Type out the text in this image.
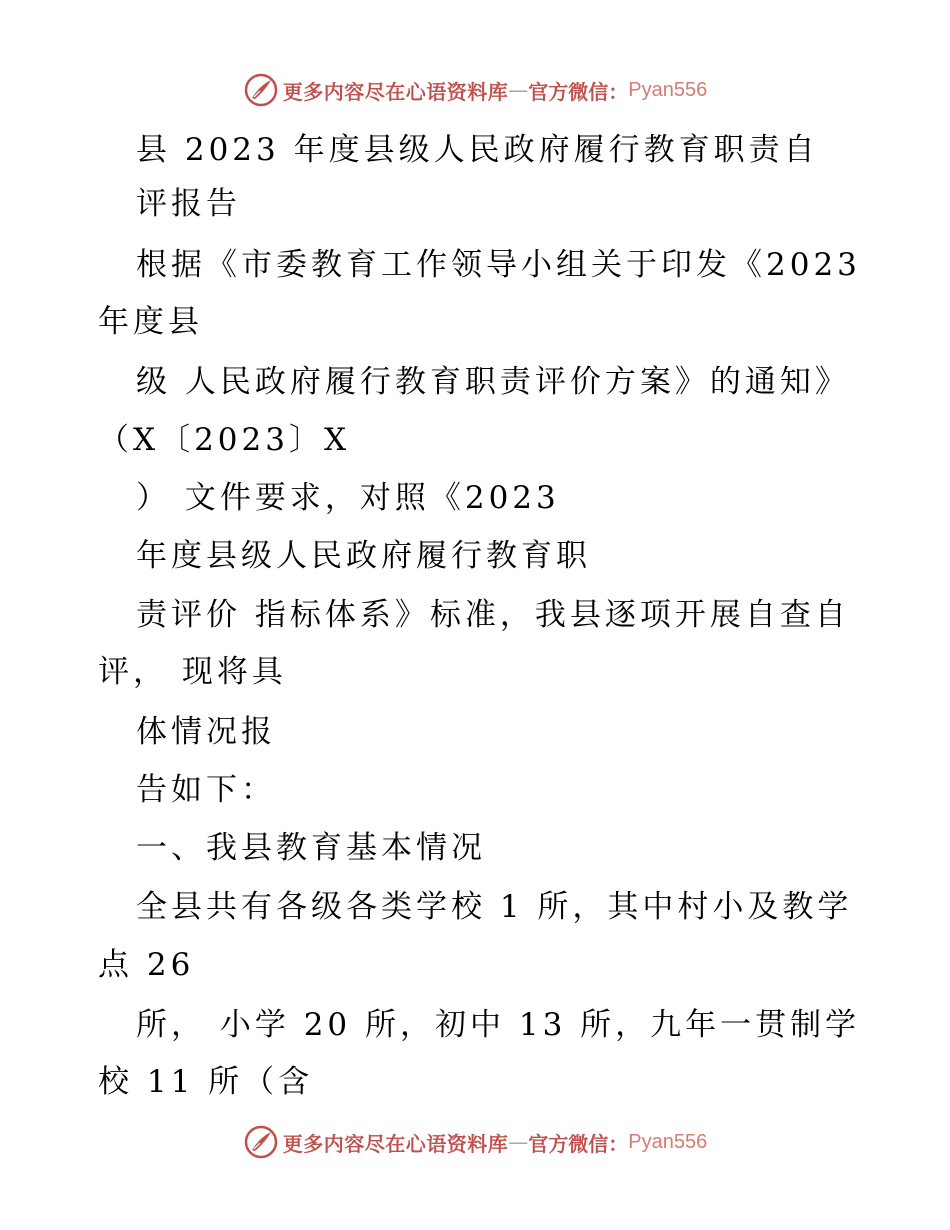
更多内容尽在心语资料库 — 官方微信： Pyan556
县 2023 年度县级人民政府履行教育职责自
评报告
根据《市委教育工作领导小组关于印发《2023
年度县
级 人民政府履行教育职责评价方案》的通知》
（X〔2023〕X
） 文件要求，对照《2023
年度县级人民政府履行教育职
责评价 指标体系》标准，我县逐项开展自查自
评， 现将具
体情况报
告如下：
一、我县教育基本情况
全县共有各级各类学校 1 所，其中村小及教学
点 26
所， 小学 20 所，初中 13 所，九年一贯制学
校 11 所（含
更多内容尽在心语资料库 — 官方微信： Pyan556
